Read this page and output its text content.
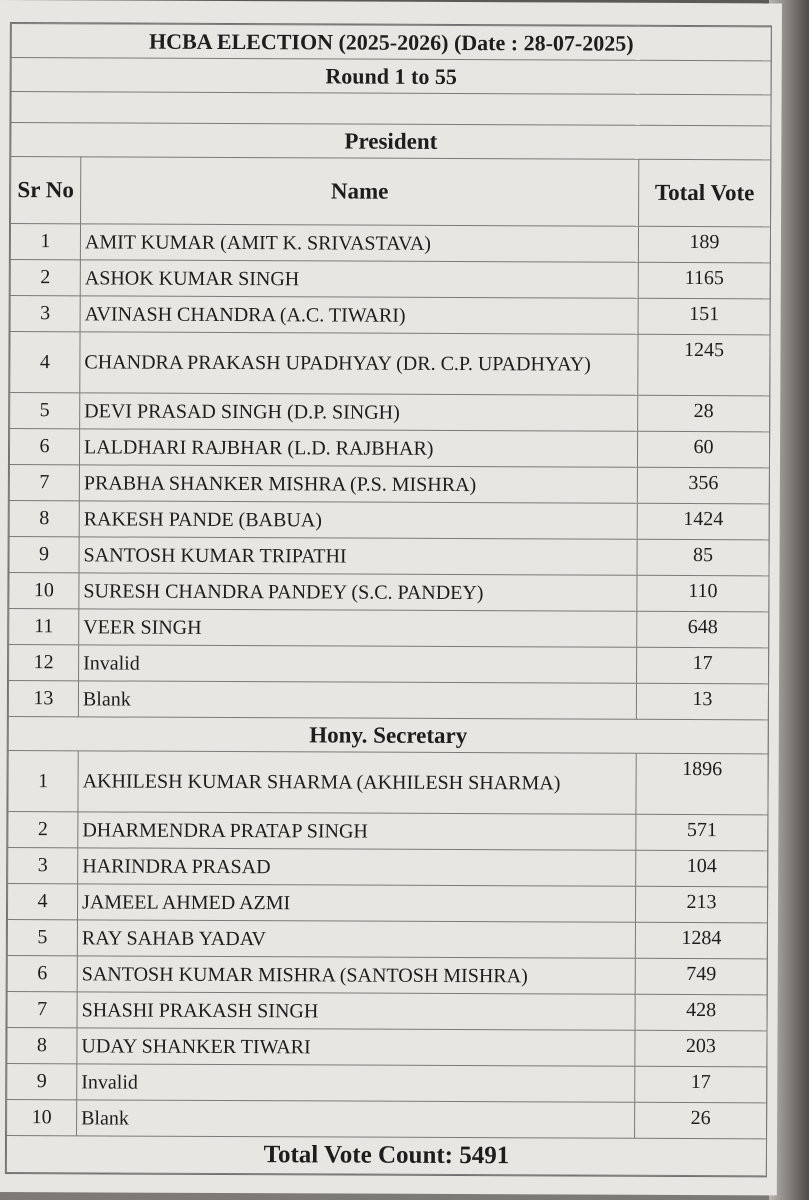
HCBA ELECTION (2025-2026) (Date : 28-07-2025)		
Round 1 to 55		

President		
Sr No	Name	Total Vote
1	AMIT KUMAR (AMIT K. SRIVASTAVA)	189
2	ASHOK KUMAR SINGH	1165
3	AVINASH CHANDRA (A.C. TIWARI)	151
4	CHANDRA PRAKASH UPADHYAY (DR. C.P. UPADHYAY)	1245
5	DEVI PRASAD SINGH (D.P. SINGH)	28
6	LALDHARI RAJBHAR (L.D. RAJBHAR)	60
7	PRABHA SHANKER MISHRA (P.S. MISHRA)	356
8	RAKESH PANDE (BABUA)	1424
9	SANTOSH KUMAR TRIPATHI	85
10	SURESH CHANDRA PANDEY (S.C. PANDEY)	110
11	VEER SINGH	648
12	Invalid	17
13	Blank	13
Hony. Secretary		
1	AKHILESH KUMAR SHARMA (AKHILESH SHARMA)	1896
2	DHARMENDRA PRATAP SINGH	571
3	HARINDRA PRASAD	104
4	JAMEEL AHMED AZMI	213
5	RAY SAHAB YADAV	1284
6	SANTOSH KUMAR MISHRA (SANTOSH MISHRA)	749
7	SHASHI PRAKASH SINGH	428
8	UDAY SHANKER TIWARI	203
9	Invalid	17
10	Blank	26
Total Vote Count: 5491		
